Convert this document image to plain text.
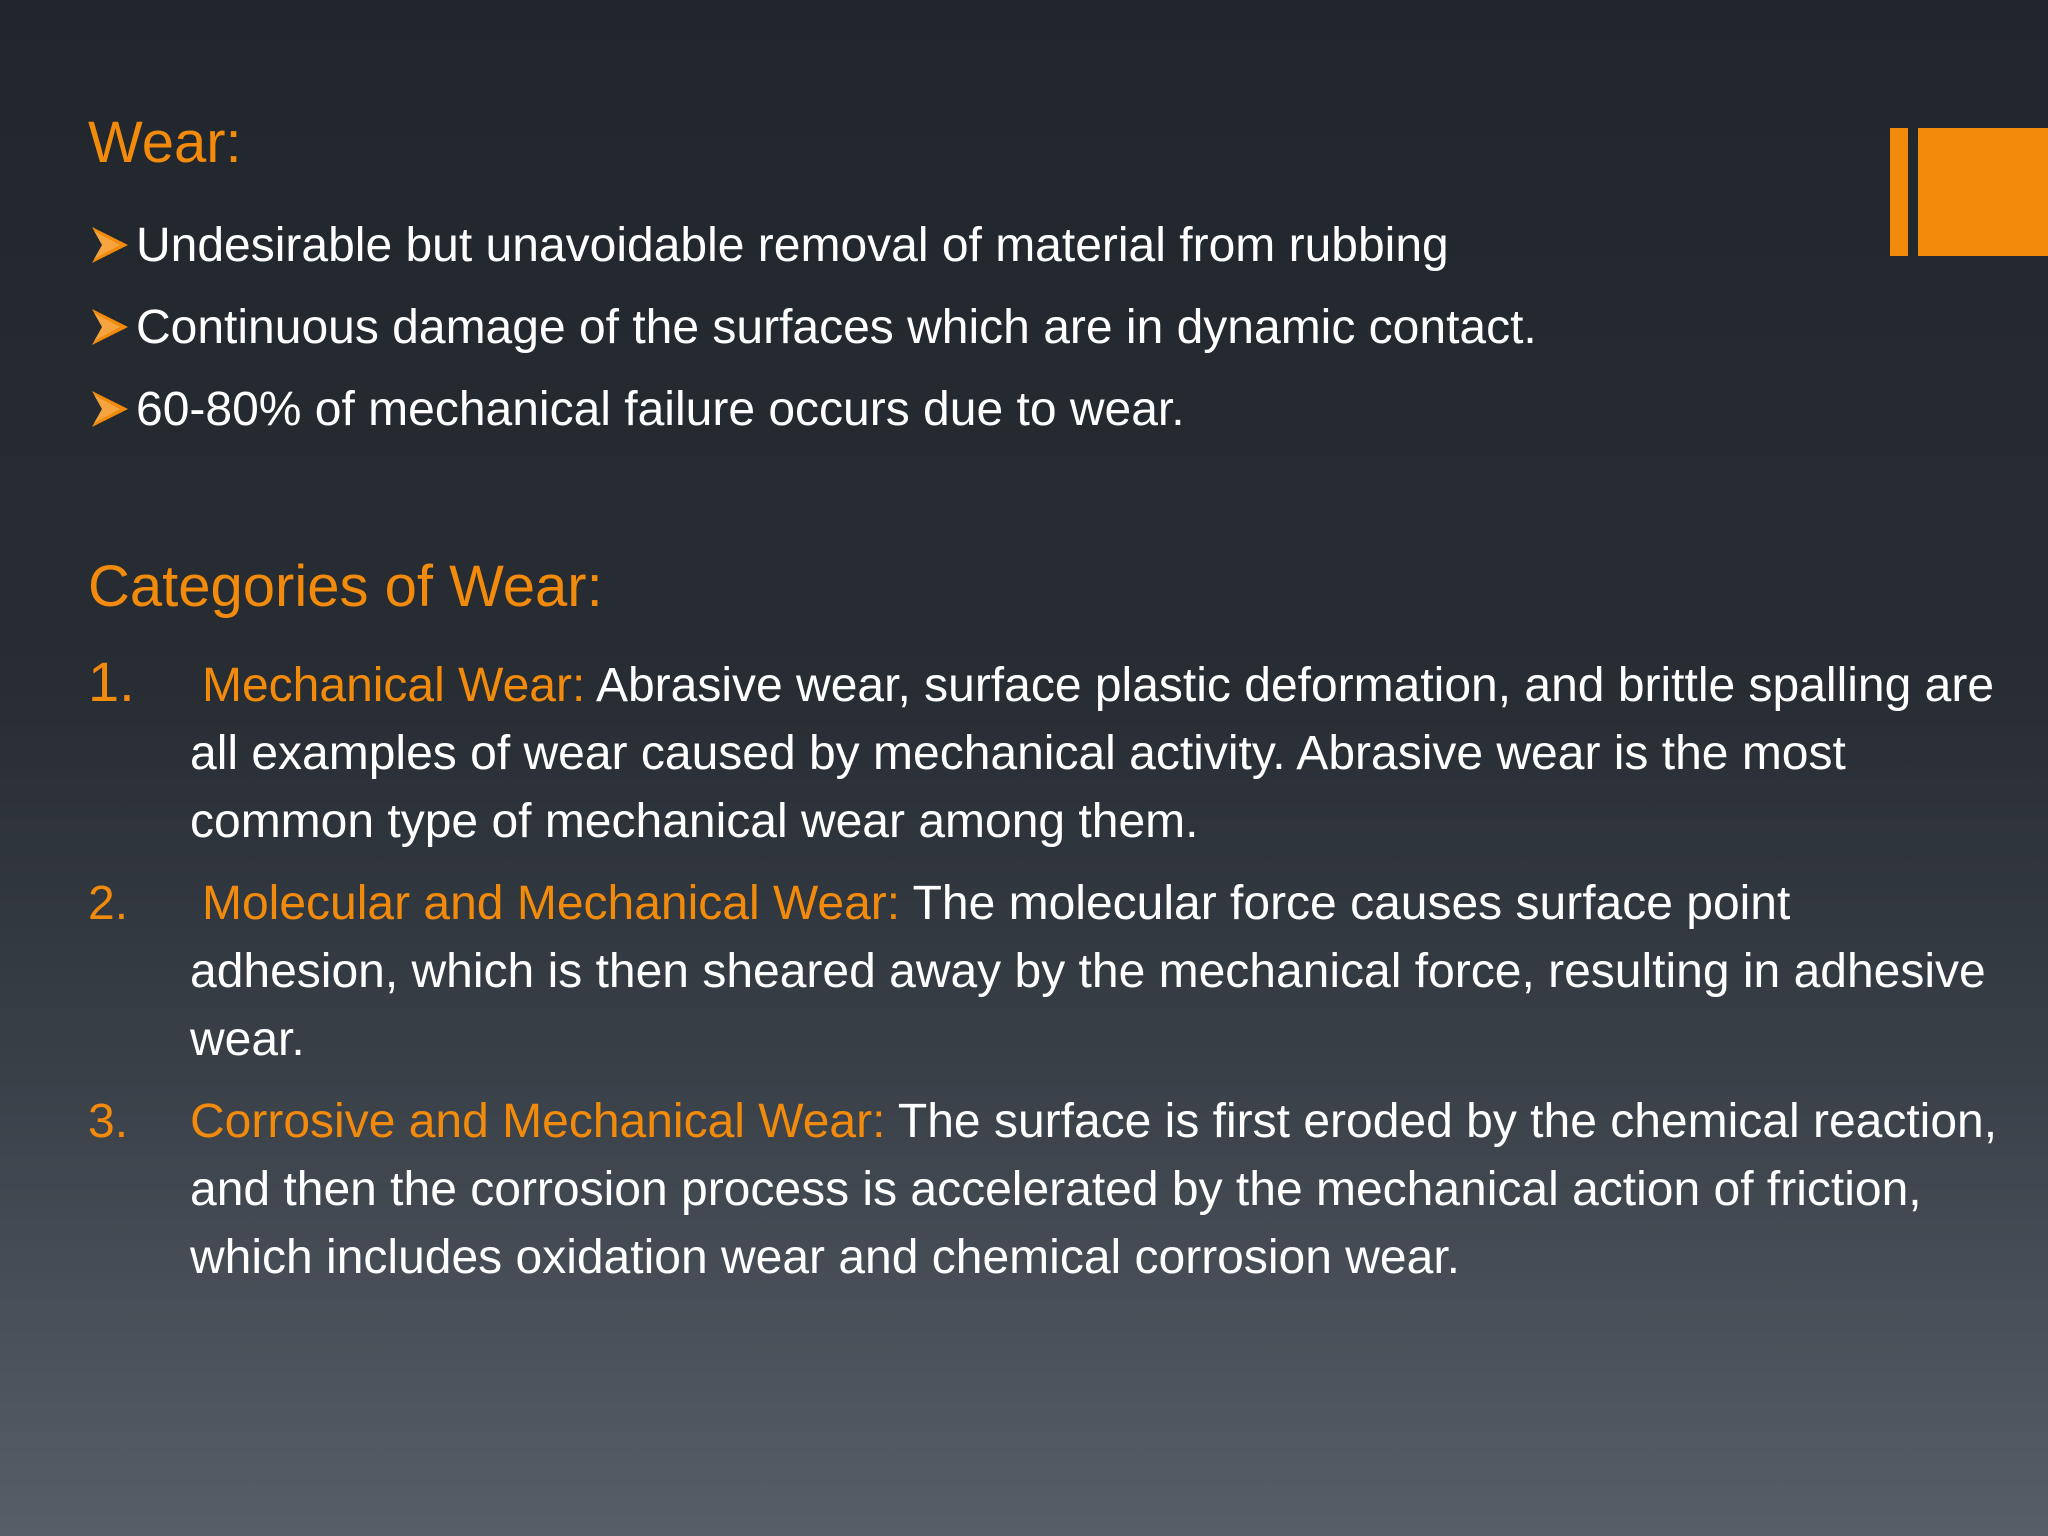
Wear:
Undesirable but unavoidable removal of material from rubbing
Continuous damage of the surfaces which are in dynamic contact.
60-80% of mechanical failure occurs due to wear.
Categories of Wear:
1. Mechanical Wear: Abrasive wear, surface plastic deformation, and brittle spalling are all examples of wear caused by mechanical activity. Abrasive wear is the most common type of mechanical wear among them.
2. Molecular and Mechanical Wear: The molecular force causes surface point adhesion, which is then sheared away by the mechanical force, resulting in adhesive wear.
3. Corrosive and Mechanical Wear: The surface is first eroded by the chemical reaction, and then the corrosion process is accelerated by the mechanical action of friction, which includes oxidation wear and chemical corrosion wear.
